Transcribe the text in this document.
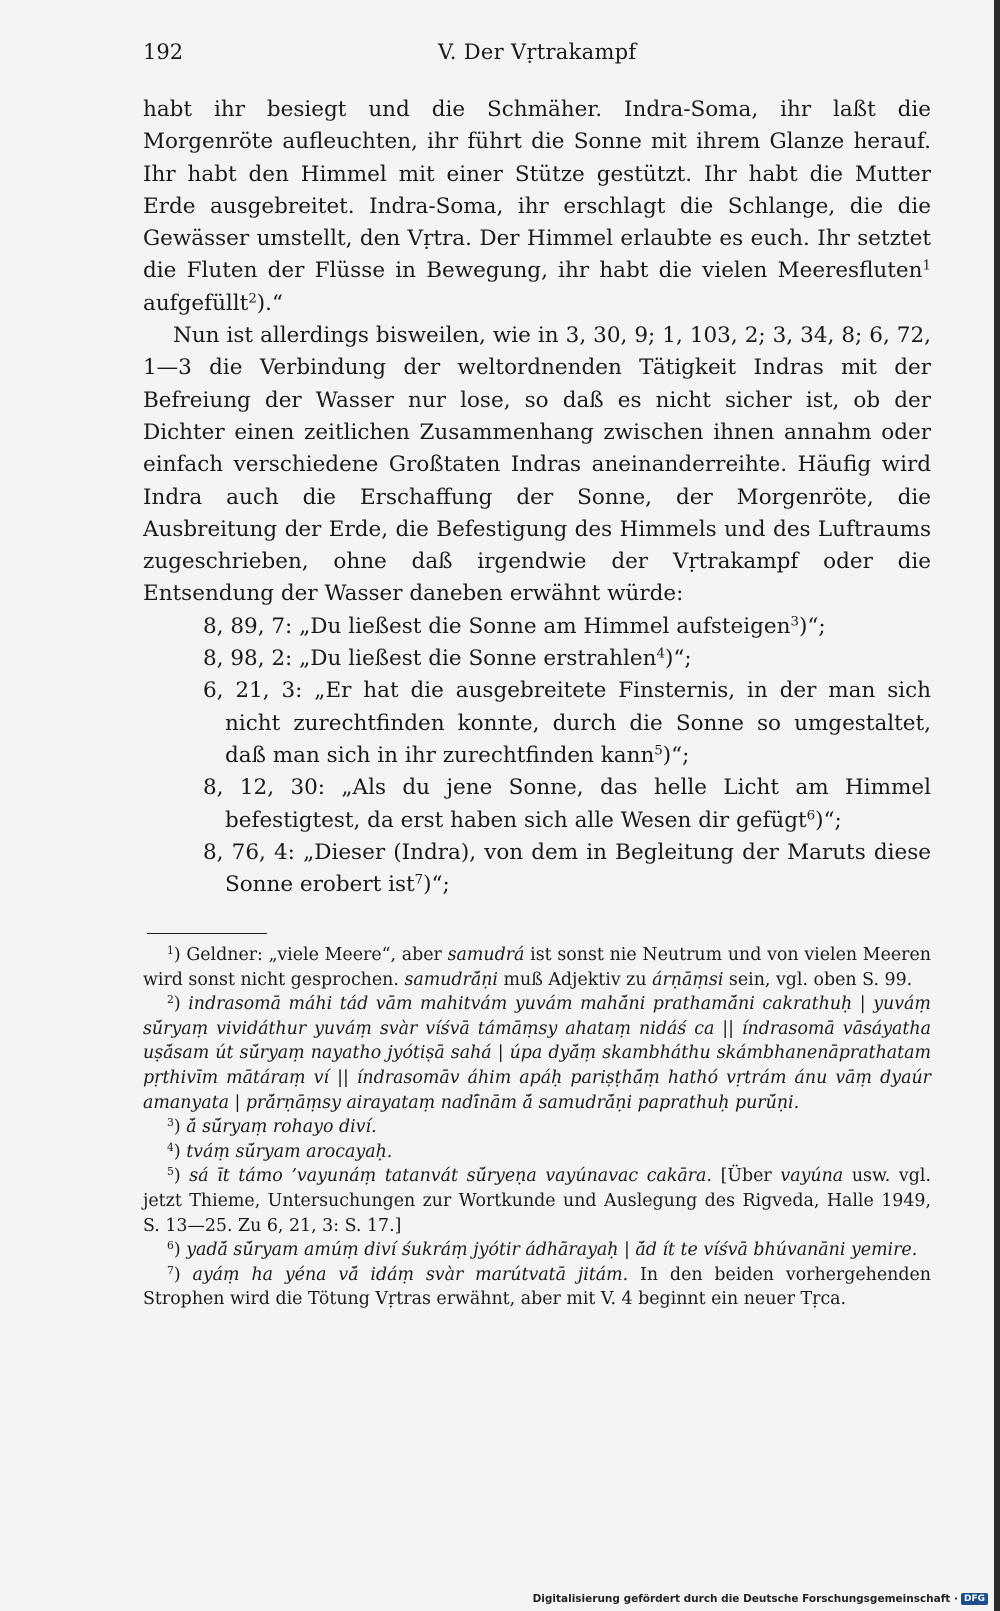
192	V. Der Vṛtrakampf

habt ihr besiegt und die Schmäher. Indra-Soma, ihr laßt die Morgenröte aufleuchten, ihr führt die Sonne mit ihrem Glanze herauf. Ihr habt den Himmel mit einer Stütze gestützt. Ihr habt die Mutter Erde ausgebreitet. Indra-Soma, ihr erschlagt die Schlange, die die Gewässer umstellt, den Vṛtra. Der Himmel erlaubte es euch. Ihr setztet die Fluten der Flüsse in Bewegung, ihr habt die vielen Meeresfluten$^1$ aufgefüllt$^2$).“

Nun ist allerdings bisweilen, wie in 3, 30, 9; 1, 103, 2; 3, 34, 8; 6, 72, 1—3 die Verbindung der weltordnenden Tätigkeit Indras mit der Befreiung der Wasser nur lose, so daß es nicht sicher ist, ob der Dichter einen zeitlichen Zusammenhang zwischen ihnen annahm oder einfach verschiedene Großtaten Indras aneinanderreihte. Häufig wird Indra auch die Erschaffung der Sonne, der Morgenröte, die Ausbreitung der Erde, die Befestigung des Himmels und des Luftraums zugeschrieben, ohne daß irgendwie der Vṛtrakampf oder die Entsendung der Wasser daneben erwähnt würde:

8, 89, 7: „Du ließest die Sonne am Himmel aufsteigen$^3$)“;

8, 98, 2: „Du ließest die Sonne erstrahlen$^4$)“;

6, 21, 3: „Er hat die ausgebreitete Finsternis, in der man sich nicht zurechtfinden konnte, durch die Sonne so umgestaltet, daß man sich in ihr zurechtfinden kann$^5$)“;

8, 12, 30: „Als du jene Sonne, das helle Licht am Himmel befestigtest, da erst haben sich alle Wesen dir gefügt$^6$)“;

8, 76, 4: „Dieser (Indra), von dem in Begleitung der Maruts diese Sonne erobert ist$^7$)“;

$^1$) Geldner: „viele Meere“, aber samudrá ist sonst nie Neutrum und von vielen Meeren wird sonst nicht gesprochen. samudrā́ṇi muß Adjektiv zu árṇāṃsi sein, vgl. oben S. 99.

$^2$) indrasomā máhi tád vām mahitvám yuvám mahā́ni prathamā́ni cakrathuḥ | yuváṃ sū́ryaṃ vividáthur yuváṃ svàr víśvā támāṃsy ahataṃ nidáś ca || índrasomā vāsáyatha uṣā́sam út sū́ryaṃ nayatho jyótiṣā sahá | úpa dyā́ṃ skambháthu skámbhanenāprathatam pṛthivīm mātáraṃ ví || índrasomāv áhim apáḥ pariṣṭhā́ṃ hathó vṛtrám ánu vāṃ dyaúr amanyata | prā́rṇāṃsy airayataṃ nadī́nām ā́ samudrā́ṇi paprathuḥ purū́ṇi.

$^3$) ā́ sū́ryaṃ rohayo diví.

$^4$) tváṃ sū́ryam arocayaḥ.

$^5$) sá īt támo ’vayunáṃ tatanvát sū́ryeṇa vayúnavac cakāra. [Über vayúna usw. vgl. jetzt Thieme, Untersuchungen zur Wortkunde und Auslegung des Rigveda, Halle 1949, S. 13—25. Zu 6, 21, 3: S. 17.]

$^6$) yadā́ sū́ryam amúṃ diví śukráṃ jyótir ádhārayaḥ | ā́d ít te víśvā bhúvanāni yemire.

$^7$) ayáṃ ha yéna vā́ idáṃ svàr marútvatā jitám. In den beiden vorhergehenden Strophen wird die Tötung Vṛtras erwähnt, aber mit V. 4 beginnt ein neuer Tṛca.

Digitalisierung gefördert durch die Deutsche Forschungsgemeinschaft · DFG
